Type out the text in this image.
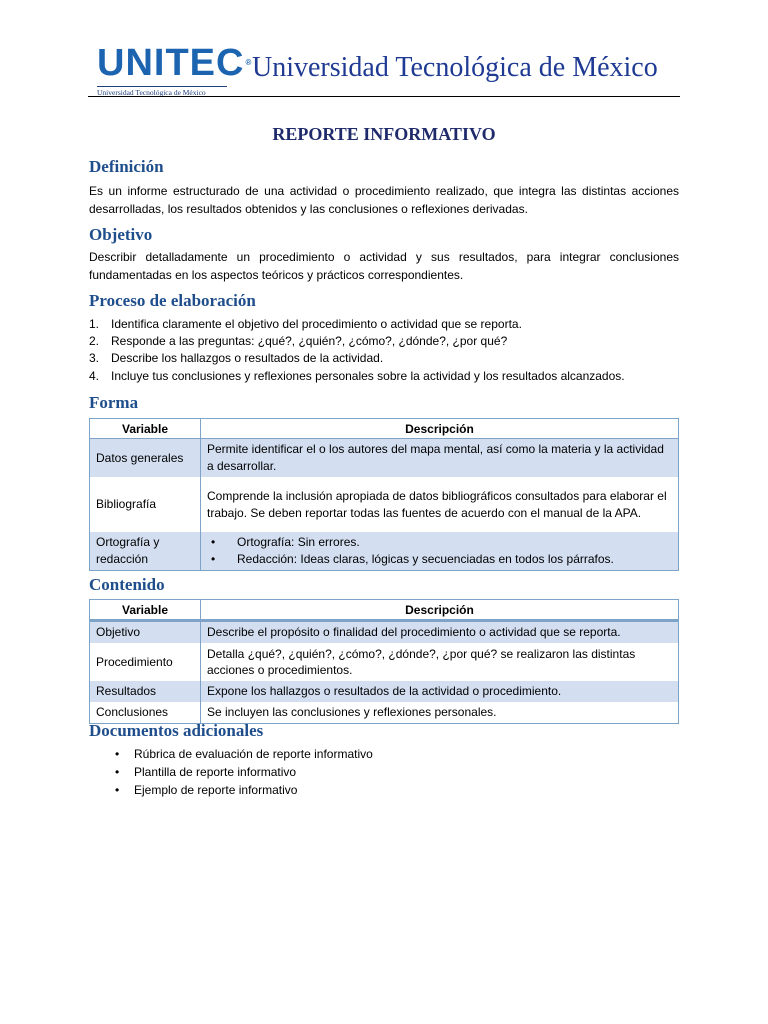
UNITEC®
Universidad Tecnológica de México
Universidad Tecnológica de México
REPORTE INFORMATIVO
Definición
Es un informe estructurado de una actividad o procedimiento realizado, que integra las distintas acciones desarrolladas, los resultados obtenidos y las conclusiones o reflexiones derivadas.
Objetivo
Describir detalladamente un procedimiento o actividad y sus resultados, para integrar conclusiones fundamentadas en los aspectos teóricos y prácticos correspondientes.
Proceso de elaboración
1. Identifica claramente el objetivo del procedimiento o actividad que se reporta.
2. Responde a las preguntas: ¿qué?, ¿quién?, ¿cómo?, ¿dónde?, ¿por qué?
3. Describe los hallazgos o resultados de la actividad.
4. Incluye tus conclusiones y reflexiones personales sobre la actividad y los resultados alcanzados.
Forma
Variable	Descripción
Datos generales	Permite identificar el o los autores del mapa mental, así como la materia y la actividad a desarrollar.
Bibliografía	Comprende la inclusión apropiada de datos bibliográficos consultados para elaborar el trabajo. Se deben reportar todas las fuentes de acuerdo con el manual de la APA.
Ortografía y redacción	• Ortografía: Sin errores.
• Redacción: Ideas claras, lógicas y secuenciadas en todos los párrafos.
Contenido
Variable	Descripción
Objetivo	Describe el propósito o finalidad del procedimiento o actividad que se reporta.
Procedimiento	Detalla ¿qué?, ¿quién?, ¿cómo?, ¿dónde?, ¿por qué? se realizaron las distintas acciones o procedimientos.
Resultados	Expone los hallazgos o resultados de la actividad o procedimiento.
Conclusiones	Se incluyen las conclusiones y reflexiones personales.
Documentos adicionales
• Rúbrica de evaluación de reporte informativo
• Plantilla de reporte informativo
• Ejemplo de reporte informativo
